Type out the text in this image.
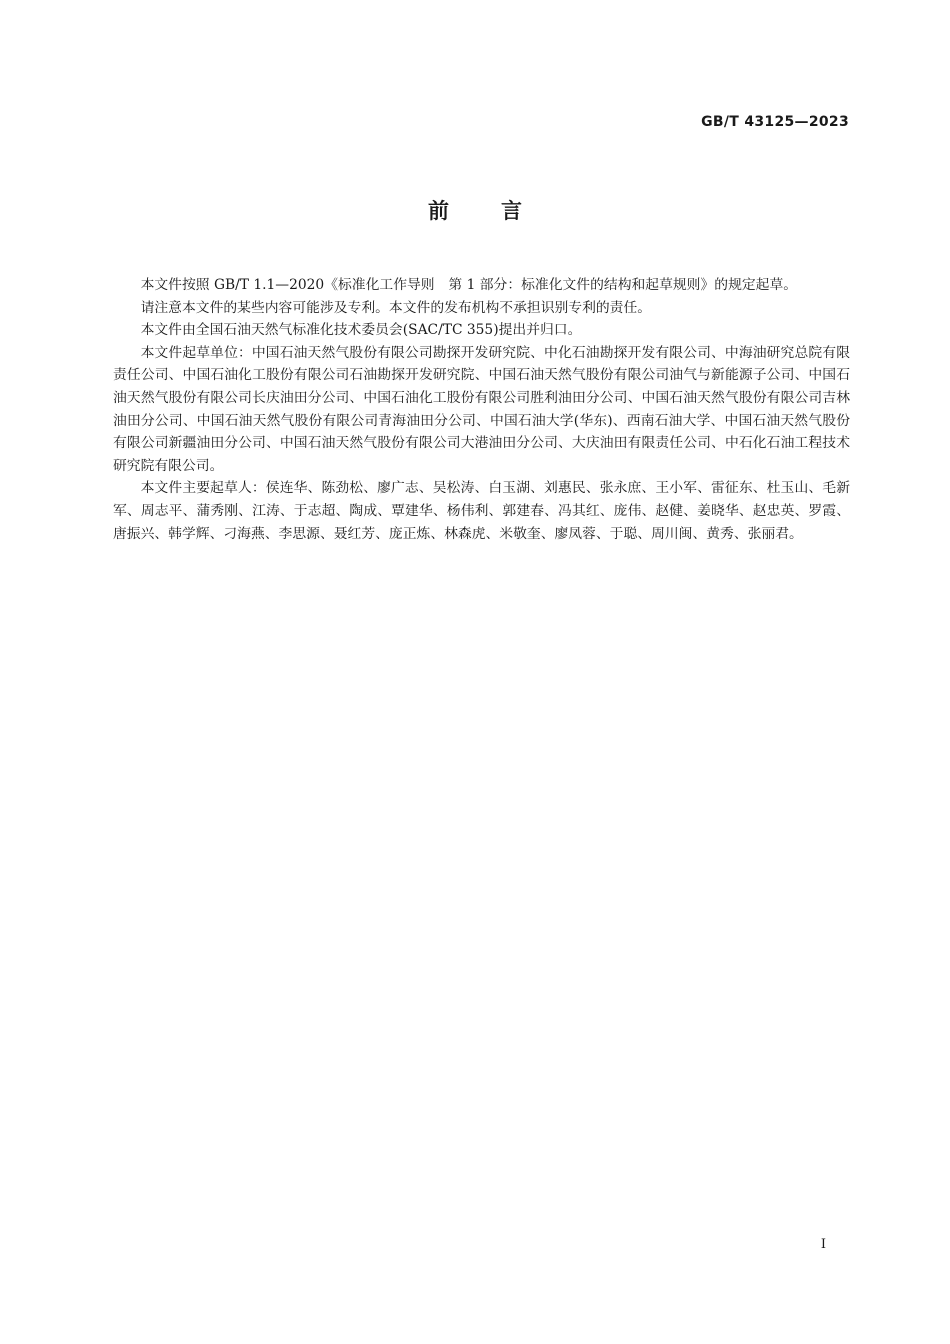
GB/T 43125—2023
前言

本文件按照 GB/T 1.1—2020《标准化工作导则　第 1 部分：标准化文件的结构和起草规则》的规定起草。

请注意本文件的某些内容可能涉及专利。本文件的发布机构不承担识别专利的责任。

本文件由全国石油天然气标准化技术委员会(SAC/TC 355)提出并归口。

本文件起草单位：中国石油天然气股份有限公司勘探开发研究院、中化石油勘探开发有限公司、中海油研究总院有限责任公司、中国石油化工股份有限公司石油勘探开发研究院、中国石油天然气股份有限公司油气与新能源子公司、中国石油天然气股份有限公司长庆油田分公司、中国石油化工股份有限公司胜利油田分公司、中国石油天然气股份有限公司吉林油田分公司、中国石油天然气股份有限公司青海油田分公司、中国石油大学(华东)、西南石油大学、中国石油天然气股份有限公司新疆油田分公司、中国石油天然气股份有限公司大港油田分公司、大庆油田有限责任公司、中石化石油工程技术研究院有限公司。

本文件主要起草人：侯连华、陈劲松、廖广志、吴松涛、白玉湖、刘惠民、张永庶、王小军、雷征东、杜玉山、毛新军、周志平、蒲秀刚、江涛、于志超、陶成、覃建华、杨伟利、郭建春、冯其红、庞伟、赵健、姜晓华、赵忠英、罗霞、唐振兴、韩学辉、刁海燕、李思源、聂红芳、庞正炼、林森虎、米敬奎、廖凤蓉、于聪、周川闽、黄秀、张丽君。

I
